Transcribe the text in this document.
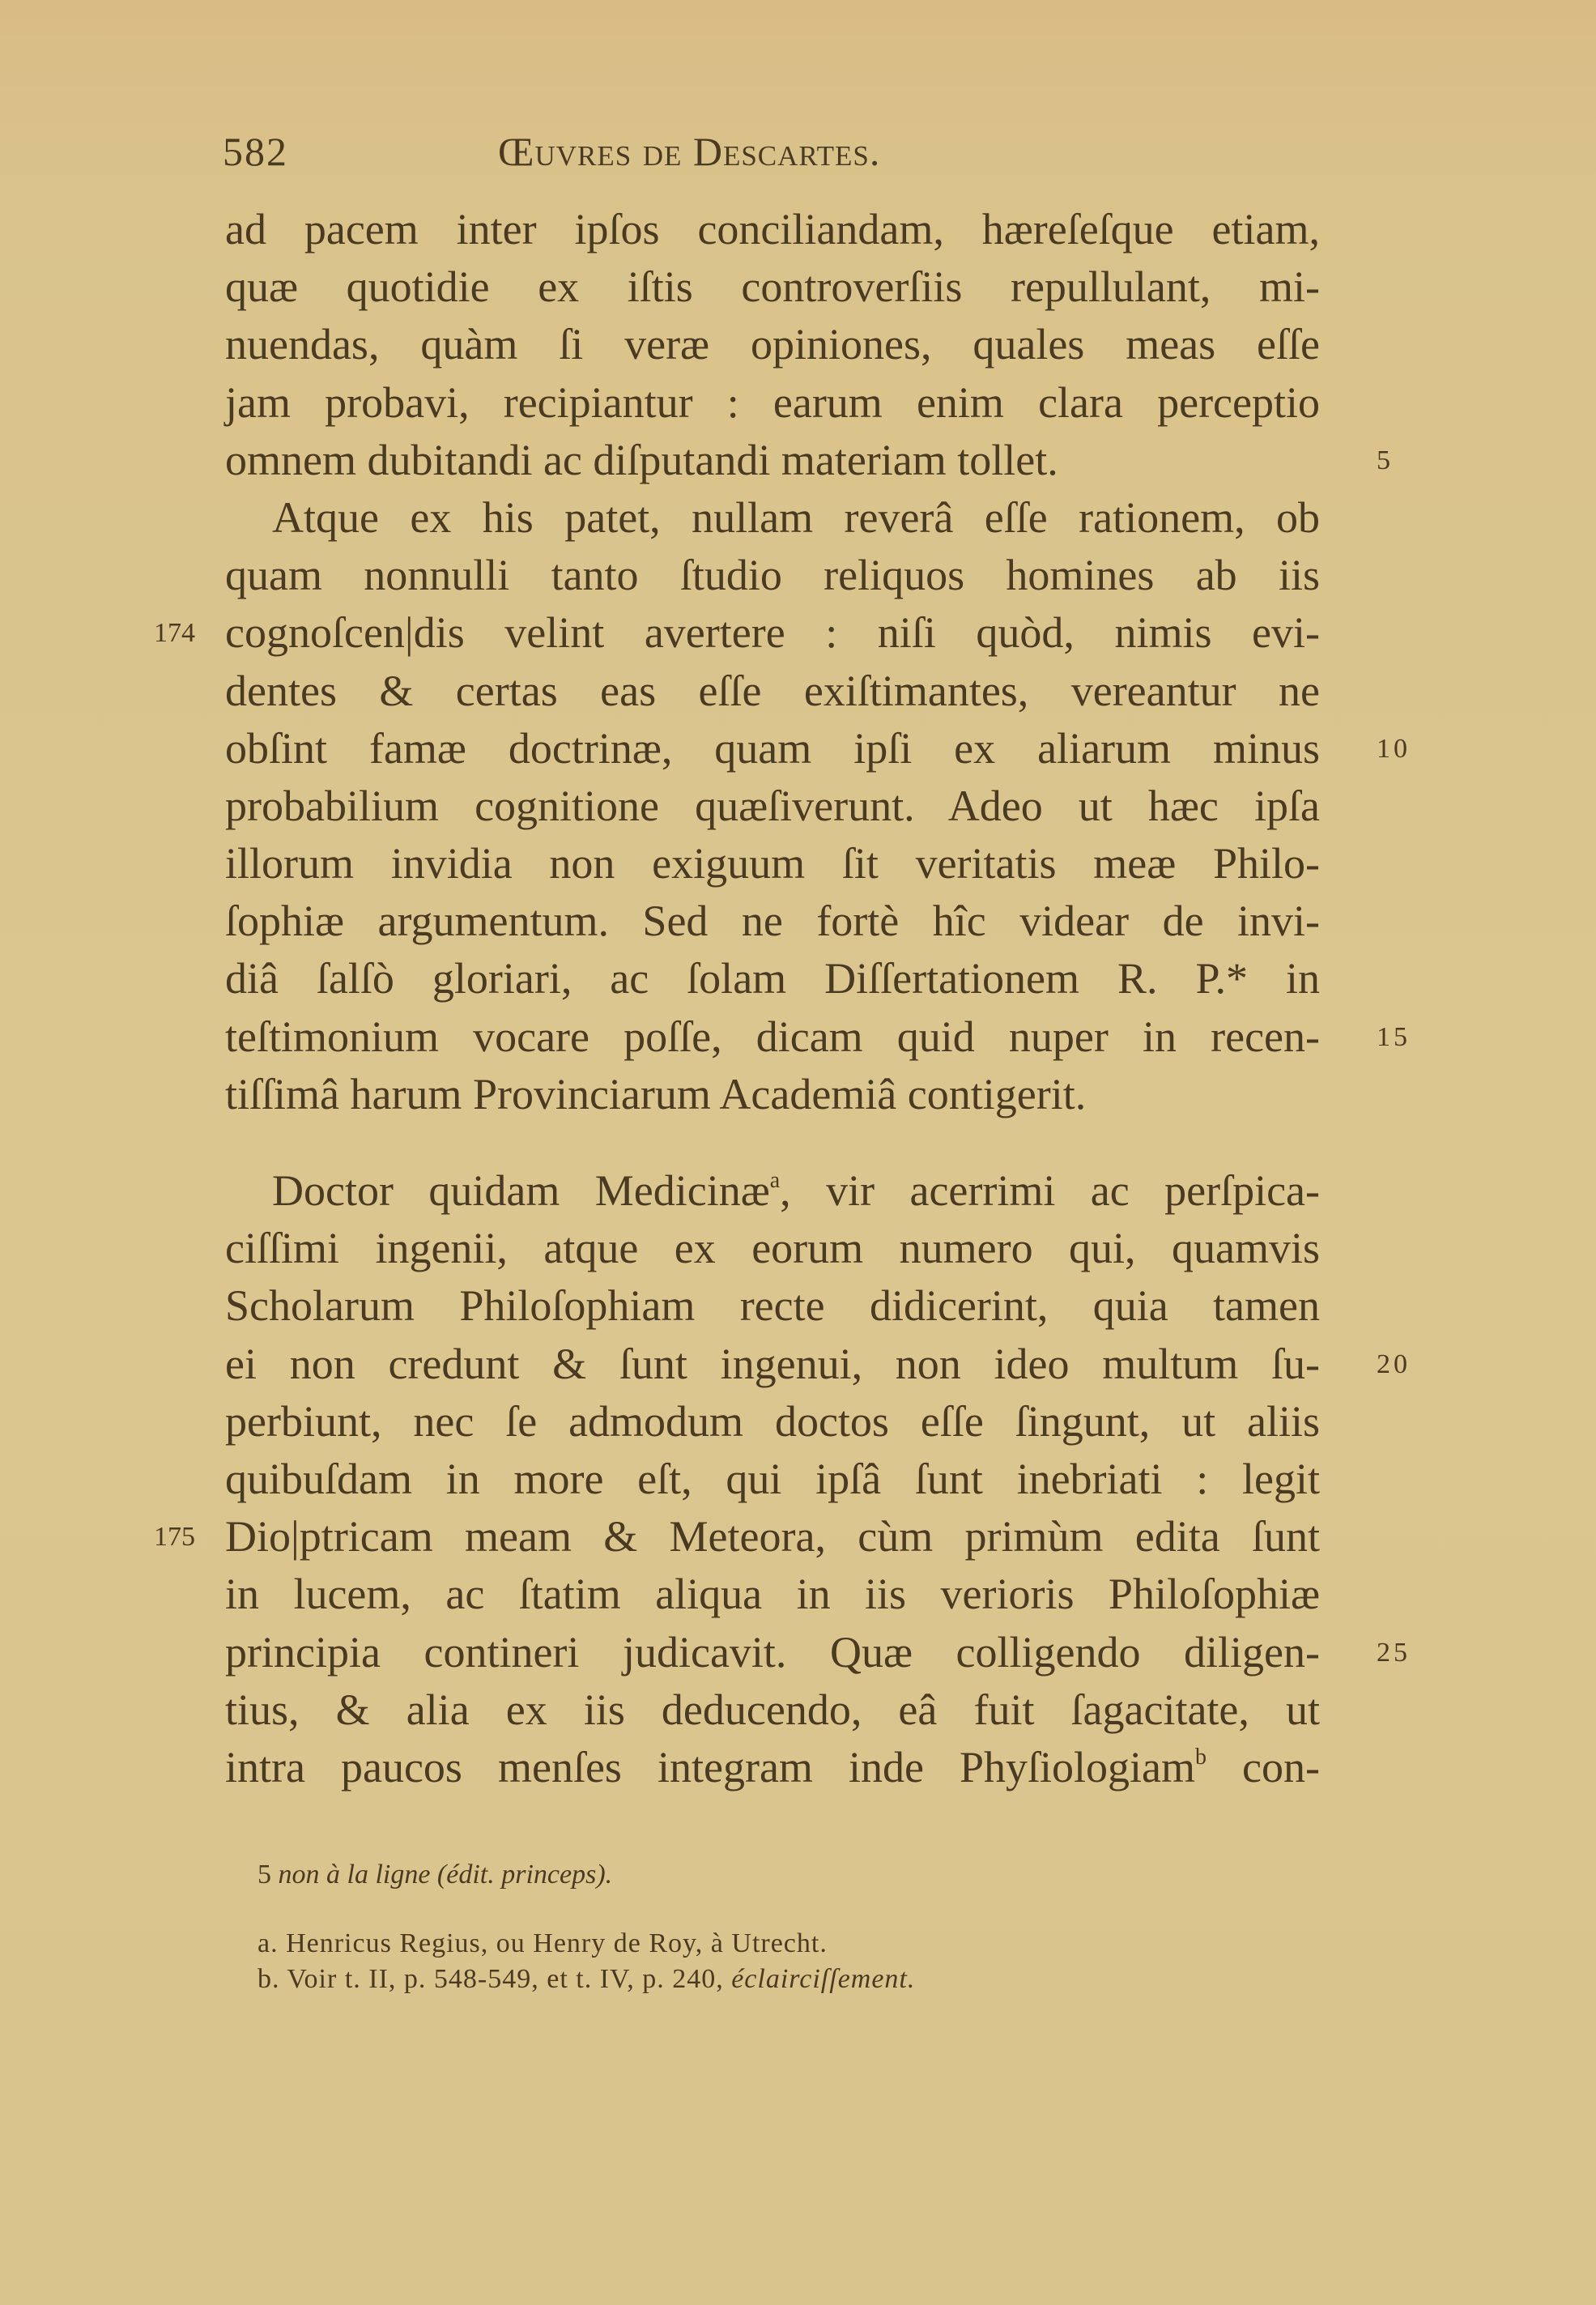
582	Œuvres de Descartes.
ad pacem inter ipſos conciliandam, hæreſeſque etiam,
quæ quotidie ex iſtis controverſiis repullulant, mi-
nuendas, quàm ſi veræ opiniones, quales meas eſſe
jam probavi, recipiantur : earum enim clara perceptio
omnem dubitandi ac diſputandi materiam tollet.	5
Atque ex his patet, nullam reverâ eſſe rationem, ob
quam nonnulli tanto ſtudio reliquos homines ab iis
cognoſcen|dis velint avertere : niſi quòd, nimis evi-
174
dentes & certas eas eſſe exiſtimantes, vereantur ne
obſint famæ doctrinæ, quam ipſi ex aliarum minus 10
probabilium cognitione quæſiverunt. Adeo ut hæc ipſa
illorum invidia non exiguum ſit veritatis meæ Philo-
ſophiæ argumentum. Sed ne fortè hîc videar de invi-
diâ ſalſò gloriari, ac ſolam Diſſertationem R. P.* in
teſtimonium vocare poſſe, dicam quid nuper in recen- 15
tiſſimâ harum Provinciarum Academiâ contigerit.
Doctor quidam Medicinæ$^a$, vir acerrimi ac perſpica-
ciſſimi ingenii, atque ex eorum numero qui, quamvis
Scholarum Philoſophiam recte didicerint, quia tamen
ei non credunt & ſunt ingenui, non ideo multum ſu- 20
perbiunt, nec ſe admodum doctos eſſe ſingunt, ut aliis
quibuſdam in more eſt, qui ipſâ ſunt inebriati : legit
Dio|ptricam meam & Meteora, cùm primùm edita ſunt
175
in lucem, ac ſtatim aliqua in iis verioris Philoſophiæ
principia contineri judicavit. Quæ colligendo diligen- 25
tius, & alia ex iis deducendo, eâ fuit ſagacitate, ut
intra paucos menſes integram inde Phyſiologiam$^b$ con-
5 non à la ligne (édit. princeps).
a. Henricus Regius, ou Henry de Roy, à Utrecht.
b. Voir t. II, p. 548-549, et t. IV, p. 240, éclairciſſement.
